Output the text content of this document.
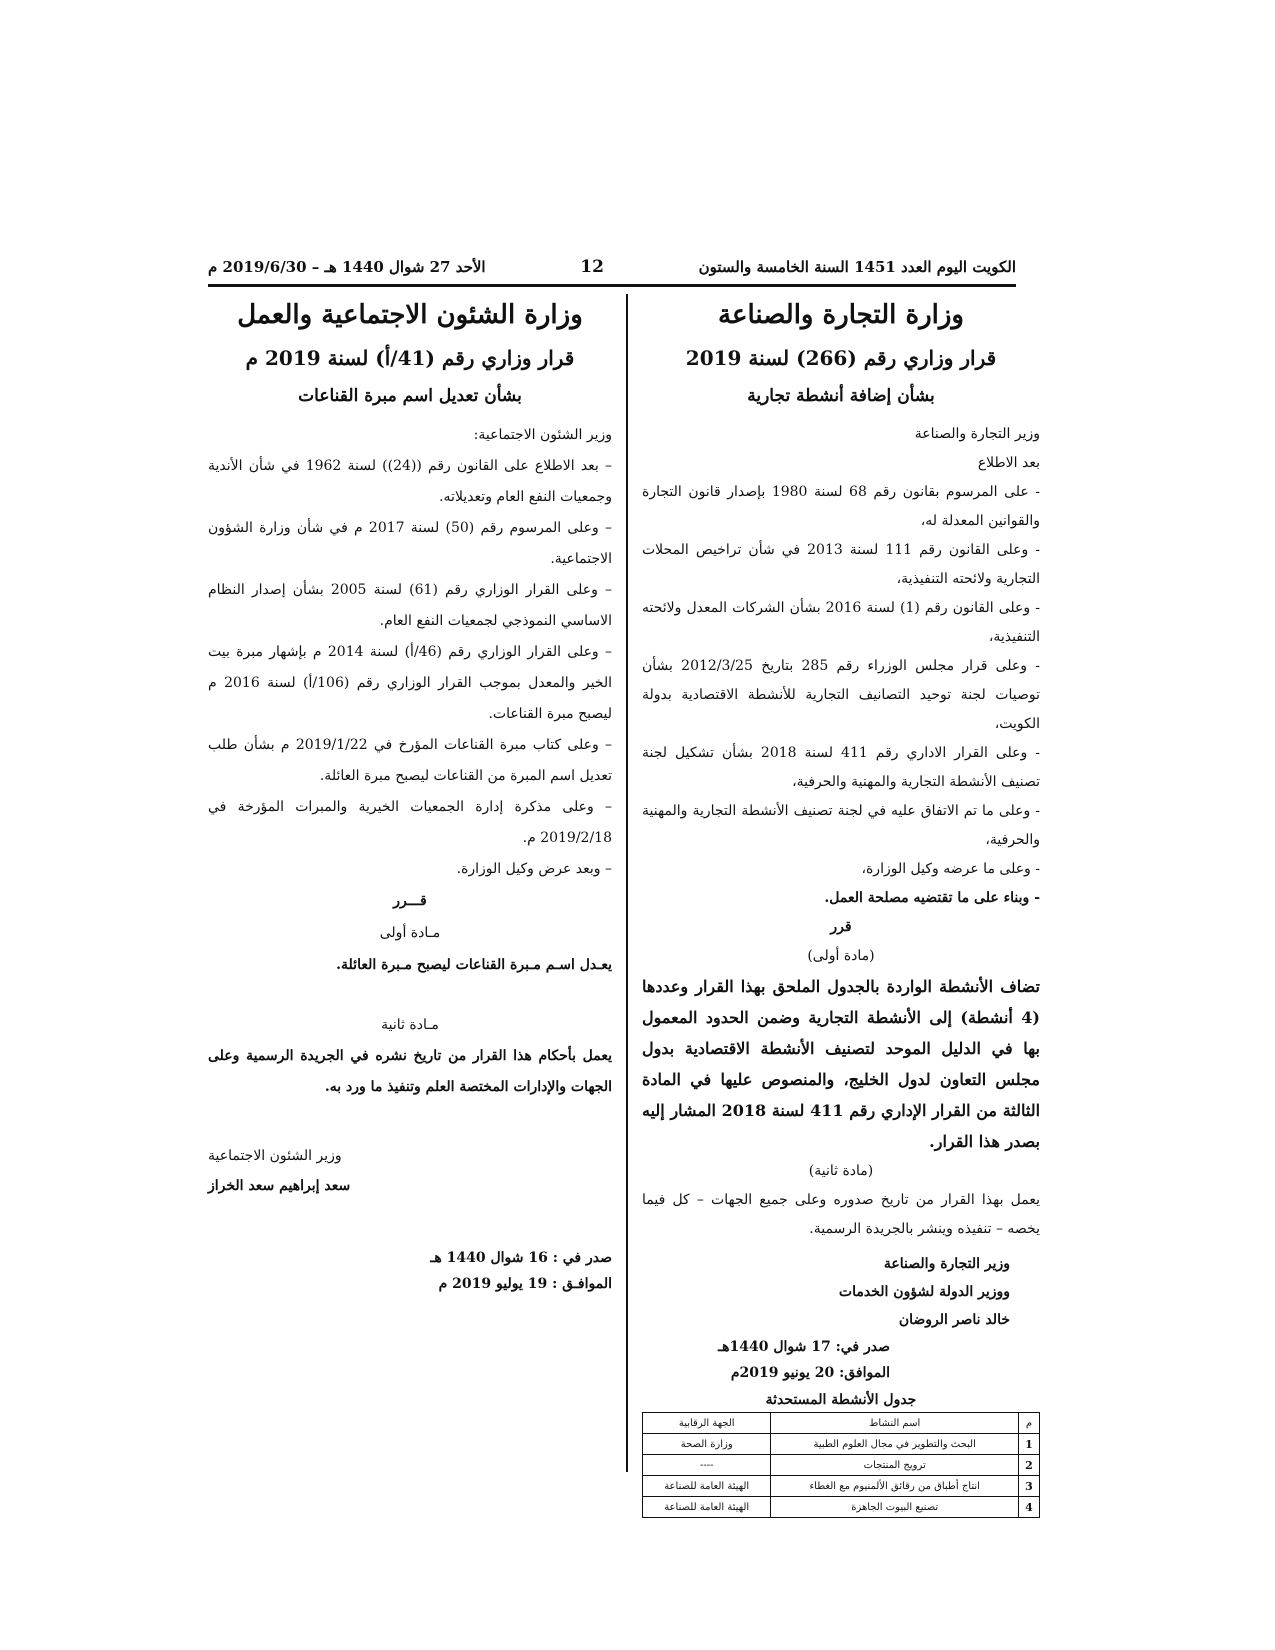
الكويت اليوم العدد 1451 السنة الخامسة والستون
12
الأحد 27 شوال 1440 هـ – 2019/6/30 م

وزارة التجارة والصناعة

قرار وزاري رقم (266) لسنة 2019

بشأن إضافة أنشطة تجارية

وزير التجارة والصناعة

بعد الاطلاع

- على المرسوم بقانون رقم 68 لسنة 1980 بإصدار قانون التجارة والقوانين المعدلة له،

- وعلى القانون رقم 111 لسنة 2013 في شأن تراخيص المحلات التجارية ولائحته التنفيذية،

- وعلى القانون رقم (1) لسنة 2016 بشأن الشركات المعدل ولائحته التنفيذية،

- وعلى قرار مجلس الوزراء رقم 285 بتاريخ 2012/3/25 بشأن توصيات لجنة توحيد التصانيف التجارية للأنشطة الاقتصادية بدولة الكويت،

- وعلى القرار الاداري رقم 411 لسنة 2018 بشأن تشكيل لجنة تصنيف الأنشطة التجارية والمهنية والحرفية،

- وعلى ما تم الاتفاق عليه في لجنة تصنيف الأنشطة التجارية والمهنية والحرفية،

- وعلى ما عرضه وكيل الوزارة،

- وبناء على ما تقتضيه مصلحة العمل.

قرر

(مادة أولى)

تضاف الأنشطة الواردة بالجدول الملحق بهذا القرار وعددها (4 أنشطة) إلى الأنشطة التجارية وضمن الحدود المعمول بها في الدليل الموحد لتصنيف الأنشطة الاقتصادية بدول مجلس التعاون لدول الخليج، والمنصوص عليها في المادة الثالثة من القرار الإداري رقم 411 لسنة 2018 المشار إليه بصدر هذا القرار.

(مادة ثانية)

يعمل بهذا القرار من تاريخ صدوره وعلى جميع الجهات – كل فيما يخصه – تنفيذه وينشر بالجريدة الرسمية.

وزير التجارة والصناعة

ووزير الدولة لشؤون الخدمات

خالد ناصر الروضان

صدر في: 17 شوال 1440هـ

الموافق: 20 يونيو 2019م

جدول الأنشطة المستحدثة

م	اسم النشاط	الجهة الرقابية
1	البحث والتطوير في مجال العلوم الطبية	وزارة الصحة
2	ترويج المنتجات	----
3	انتاج أطباق من رقائق الألمنيوم مع الغطاء	الهيئة العامة للصناعة
4	تصنيع البيوت الجاهزة	الهيئة العامة للصناعة

وزارة الشئون الاجتماعية والعمل

قرار وزاري رقم (41/أ) لسنة 2019 م

بشأن تعديل اسم مبرة القناعات

وزير الشئون الاجتماعية:

– بعد الاطلاع على القانون رقم ((24)) لسنة 1962 في شأن الأندية وجمعيات النفع العام وتعديلاته.

– وعلى المرسوم رقم (50) لسنة 2017 م في شأن وزارة الشؤون الاجتماعية.

– وعلى القرار الوزاري رقم (61) لسنة 2005 بشأن إصدار النظام الاساسي النموذجي لجمعيات النفع العام.

– وعلى القرار الوزاري رقم (46/أ) لسنة 2014 م بإشهار مبرة بيت الخير والمعدل بموجب القرار الوزاري رقم (106/أ) لسنة 2016 م ليصبح مبرة القناعات.

– وعلى كتاب مبرة القناعات المؤرخ في 2019/1/22 م بشأن طلب تعديل اسم المبرة من القناعات ليصبح مبرة العائلة.

– وعلى مذكرة إدارة الجمعيات الخيرية والمبرات المؤرخة في 2019/2/18 م.

– وبعد عرض وكيل الوزارة.

قـــرر

مـادة أولى

يعـدل اسـم مـبرة القناعات ليصبح مـبرة العائلة.

مـادة ثانية

يعمل بأحكام هذا القرار من تاريخ نشره في الجريدة الرسمية وعلى الجهات والإدارات المختصة العلم وتنفيذ ما ورد به.

وزير الشئون الاجتماعية

سعد إبراهيم سعد الخراز

صدر في : 16 شوال 1440 هـ

الموافـق : 19 يوليو 2019 م
